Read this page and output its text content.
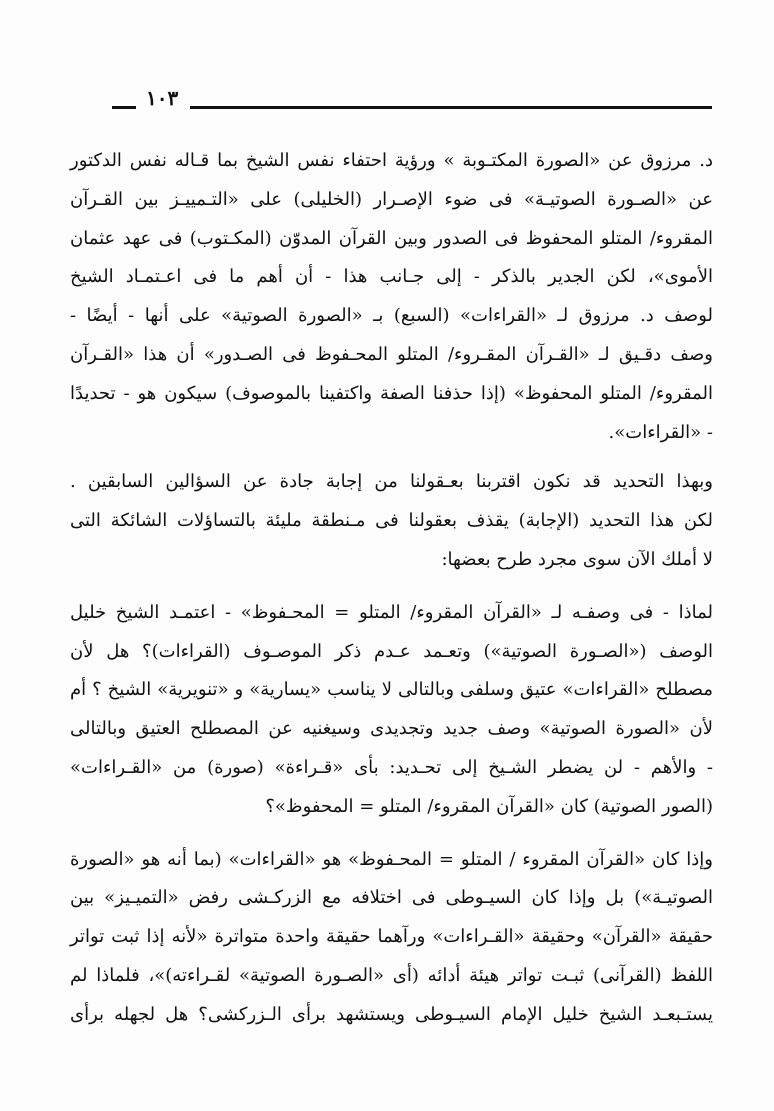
١٠٣

د. مرزوق عن «الصورة المكتـوبة » ورؤية احتفاء نفس الشيخ بما قـاله نفس الدكتور
عن «الصـورة الصوتيـة» فى ضوء الإصـرار (الخليلى) على «التـمييـز بين القـرآن
المقروء/ المتلو المحفوظ فى الصدور وبين القرآن المدوّن (المكـتوب) فى عهد عثمان
الأموى»، لكن الجدير بالذكر - إلى جـانب هذا - أن أهم ما فى اعـتمـاد الشيخ
لوصف د. مرزوق لـ «القراءات» (السبع) بـ «الصورة الصوتية» على أنها - أيضًا -
وصف دقـيق لـ «القـرآن المقـروء/ المتلو المحـفوظ فى الصـدور» أن هذا «القـرآن
المقروء/ المتلو المحفوظ» (إذا حذفنا الصفة واكتفينا بالموصوف) سيكون هو - تحديدًا
- «القراءات».

وبهذا التحديد قد نكون اقتربنا بعـقولنا من إجابة جادة عن السؤالين السابقين .
لكن هذا التحديد (الإجابة) يقذف بعقولنا فى مـنطقة مليئة بالتساؤلات الشائكة التى
لا أملك الآن سوى مجرد طرح بعضها:

لماذا - فى وصفـه لـ «القرآن المقروء/ المتلو = المحـفوظ» - اعتمـد الشيخ خليل
الوصف («الصـورة الصوتية») وتعـمد عـدم ذكر الموصـوف (القراءات)؟ هل لأن
مصطلح «القراءات» عتيق وسلفى وبالتالى لا يناسب «يسارية» و «تنويرية» الشيخ ؟ أم
لأن «الصورة الصوتية» وصف جديد وتجديدى وسيغنيه عن المصطلح العتيق وبالتالى
- والأهم - لن يضطر الشـيخ إلى تحـديد: بأى «قـراءة» (صورة) من «القـراءات»
(الصور الصوتية) كان «القرآن المقروء/ المتلو = المحفوظ»؟

وإذا كان «القرآن المقروء / المتلو = المحـفوظ» هو «القراءات» (بما أنه هو «الصورة
الصوتيـة») بل وإذا كان السيـوطى فى اختلافه مع الزركـشى رفض «التميـيز» بين
حقيقة «القرآن» وحقيقة «القـراءات» ورآهما حقيقة واحدة متواترة «لأنه إذا ثبت تواتر
اللفظ (القرآنى) ثبـت تواتر هيئة أدائه (أى «الصـورة الصوتية» لقـراءته)»، فلماذا لم
يستـبعـد الشيخ خليل الإمام السيـوطى ويستشهد برأى الـزركشى؟ هل لجهله برأى
